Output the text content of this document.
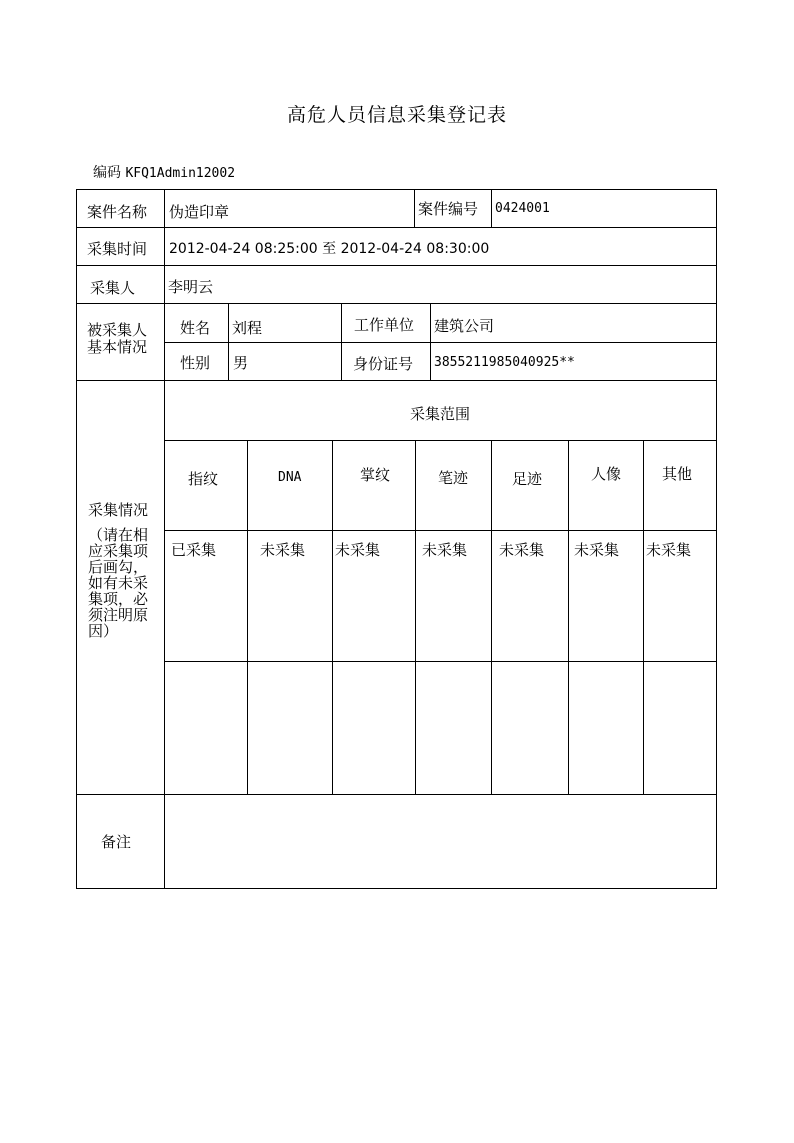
高危人员信息采集登记表
编码 KFQ1Admin12002
案件名称 伪造印章	案件编号 0424001
采集时间 2012-04-24 08:25:00 至 2012-04-24 08:30:00
采集人 李明云
被采集人
基本情况
姓名 刘程	工作单位 建筑公司
性别 男	身份证号 3855211985040925**
采集情况
（请在相应采集项后画勾，如有未采集项，必须注明原因）
采集范围
指纹	DNA	掌纹	笔迹	足迹	人像	其他
已采集	未采集 未采集	未采集 未采集 未采集 未采集
备注
